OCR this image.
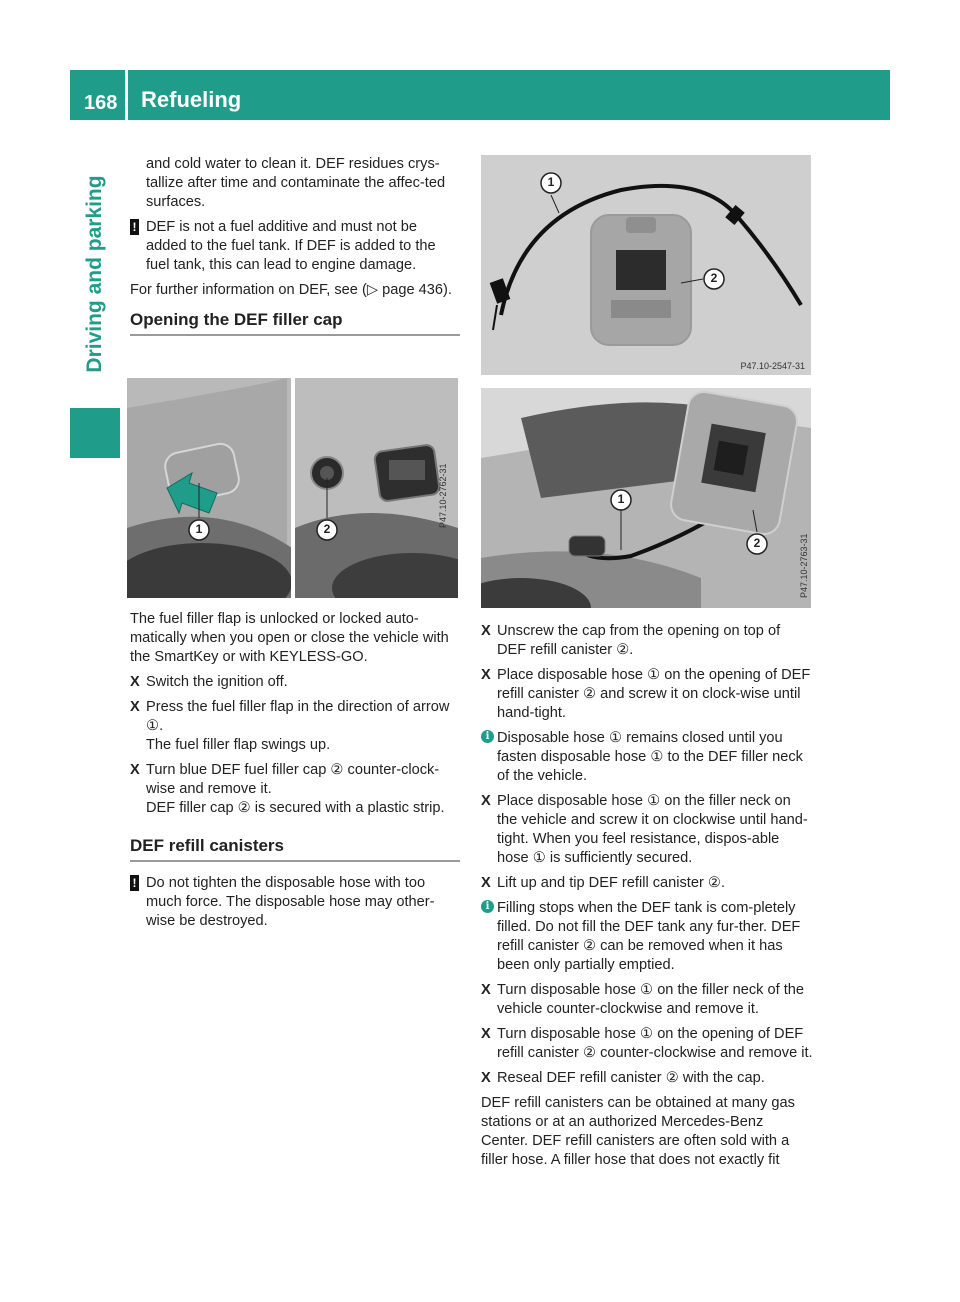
168 Refueling
Driving and parking

and cold water to clean it. DEF residues crys-tallize after time and contaminate the affec-ted surfaces.

! DEF is not a fuel additive and must not be added to the fuel tank. If DEF is added to the fuel tank, this can lead to engine damage.

For further information on DEF, see (▷ page 436).

Opening the DEF filler cap
1	2
P47.10-2762-31

The fuel filler flap is unlocked or locked auto-matically when you open or close the vehicle with the SmartKey or with KEYLESS-GO.

X Switch the ignition off.
X Press the fuel filler flap in the direction of arrow ①.
The fuel filler flap swings up.
X Turn blue DEF fuel filler cap ② counter-clock-wise and remove it.
DEF filler cap ② is secured with a plastic strip.
DEF refill canisters

! Do not tighten the disposable hose with too much force. The disposable hose may other-wise be destroyed.

1
2
P47.10-2547-31
1
2	P47.10-2763-31
X Unscrew the cap from the opening on top of DEF refill canister ②.
X Place disposable hose ① on the opening of DEF refill canister ② and screw it on clock-wise until hand-tight.
i Disposable hose ① remains closed until you fasten disposable hose ① to the DEF filler neck of the vehicle.
X Place disposable hose ① on the filler neck on the vehicle and screw it on clockwise until hand-tight. When you feel resistance, dispos-able hose ① is sufficiently secured.
X Lift up and tip DEF refill canister ②.
i Filling stops when the DEF tank is com-pletely filled. Do not fill the DEF tank any fur-ther. DEF refill canister ② can be removed when it has been only partially emptied.
X Turn disposable hose ① on the filler neck of the vehicle counter-clockwise and remove it.
X Turn disposable hose ① on the opening of DEF refill canister ② counter-clockwise and remove it.
X Reseal DEF refill canister ② with the cap.

DEF refill canisters can be obtained at many gas stations or at an authorized Mercedes-Benz Center. DEF refill canisters are often sold with a filler hose. A filler hose that does not exactly fit
